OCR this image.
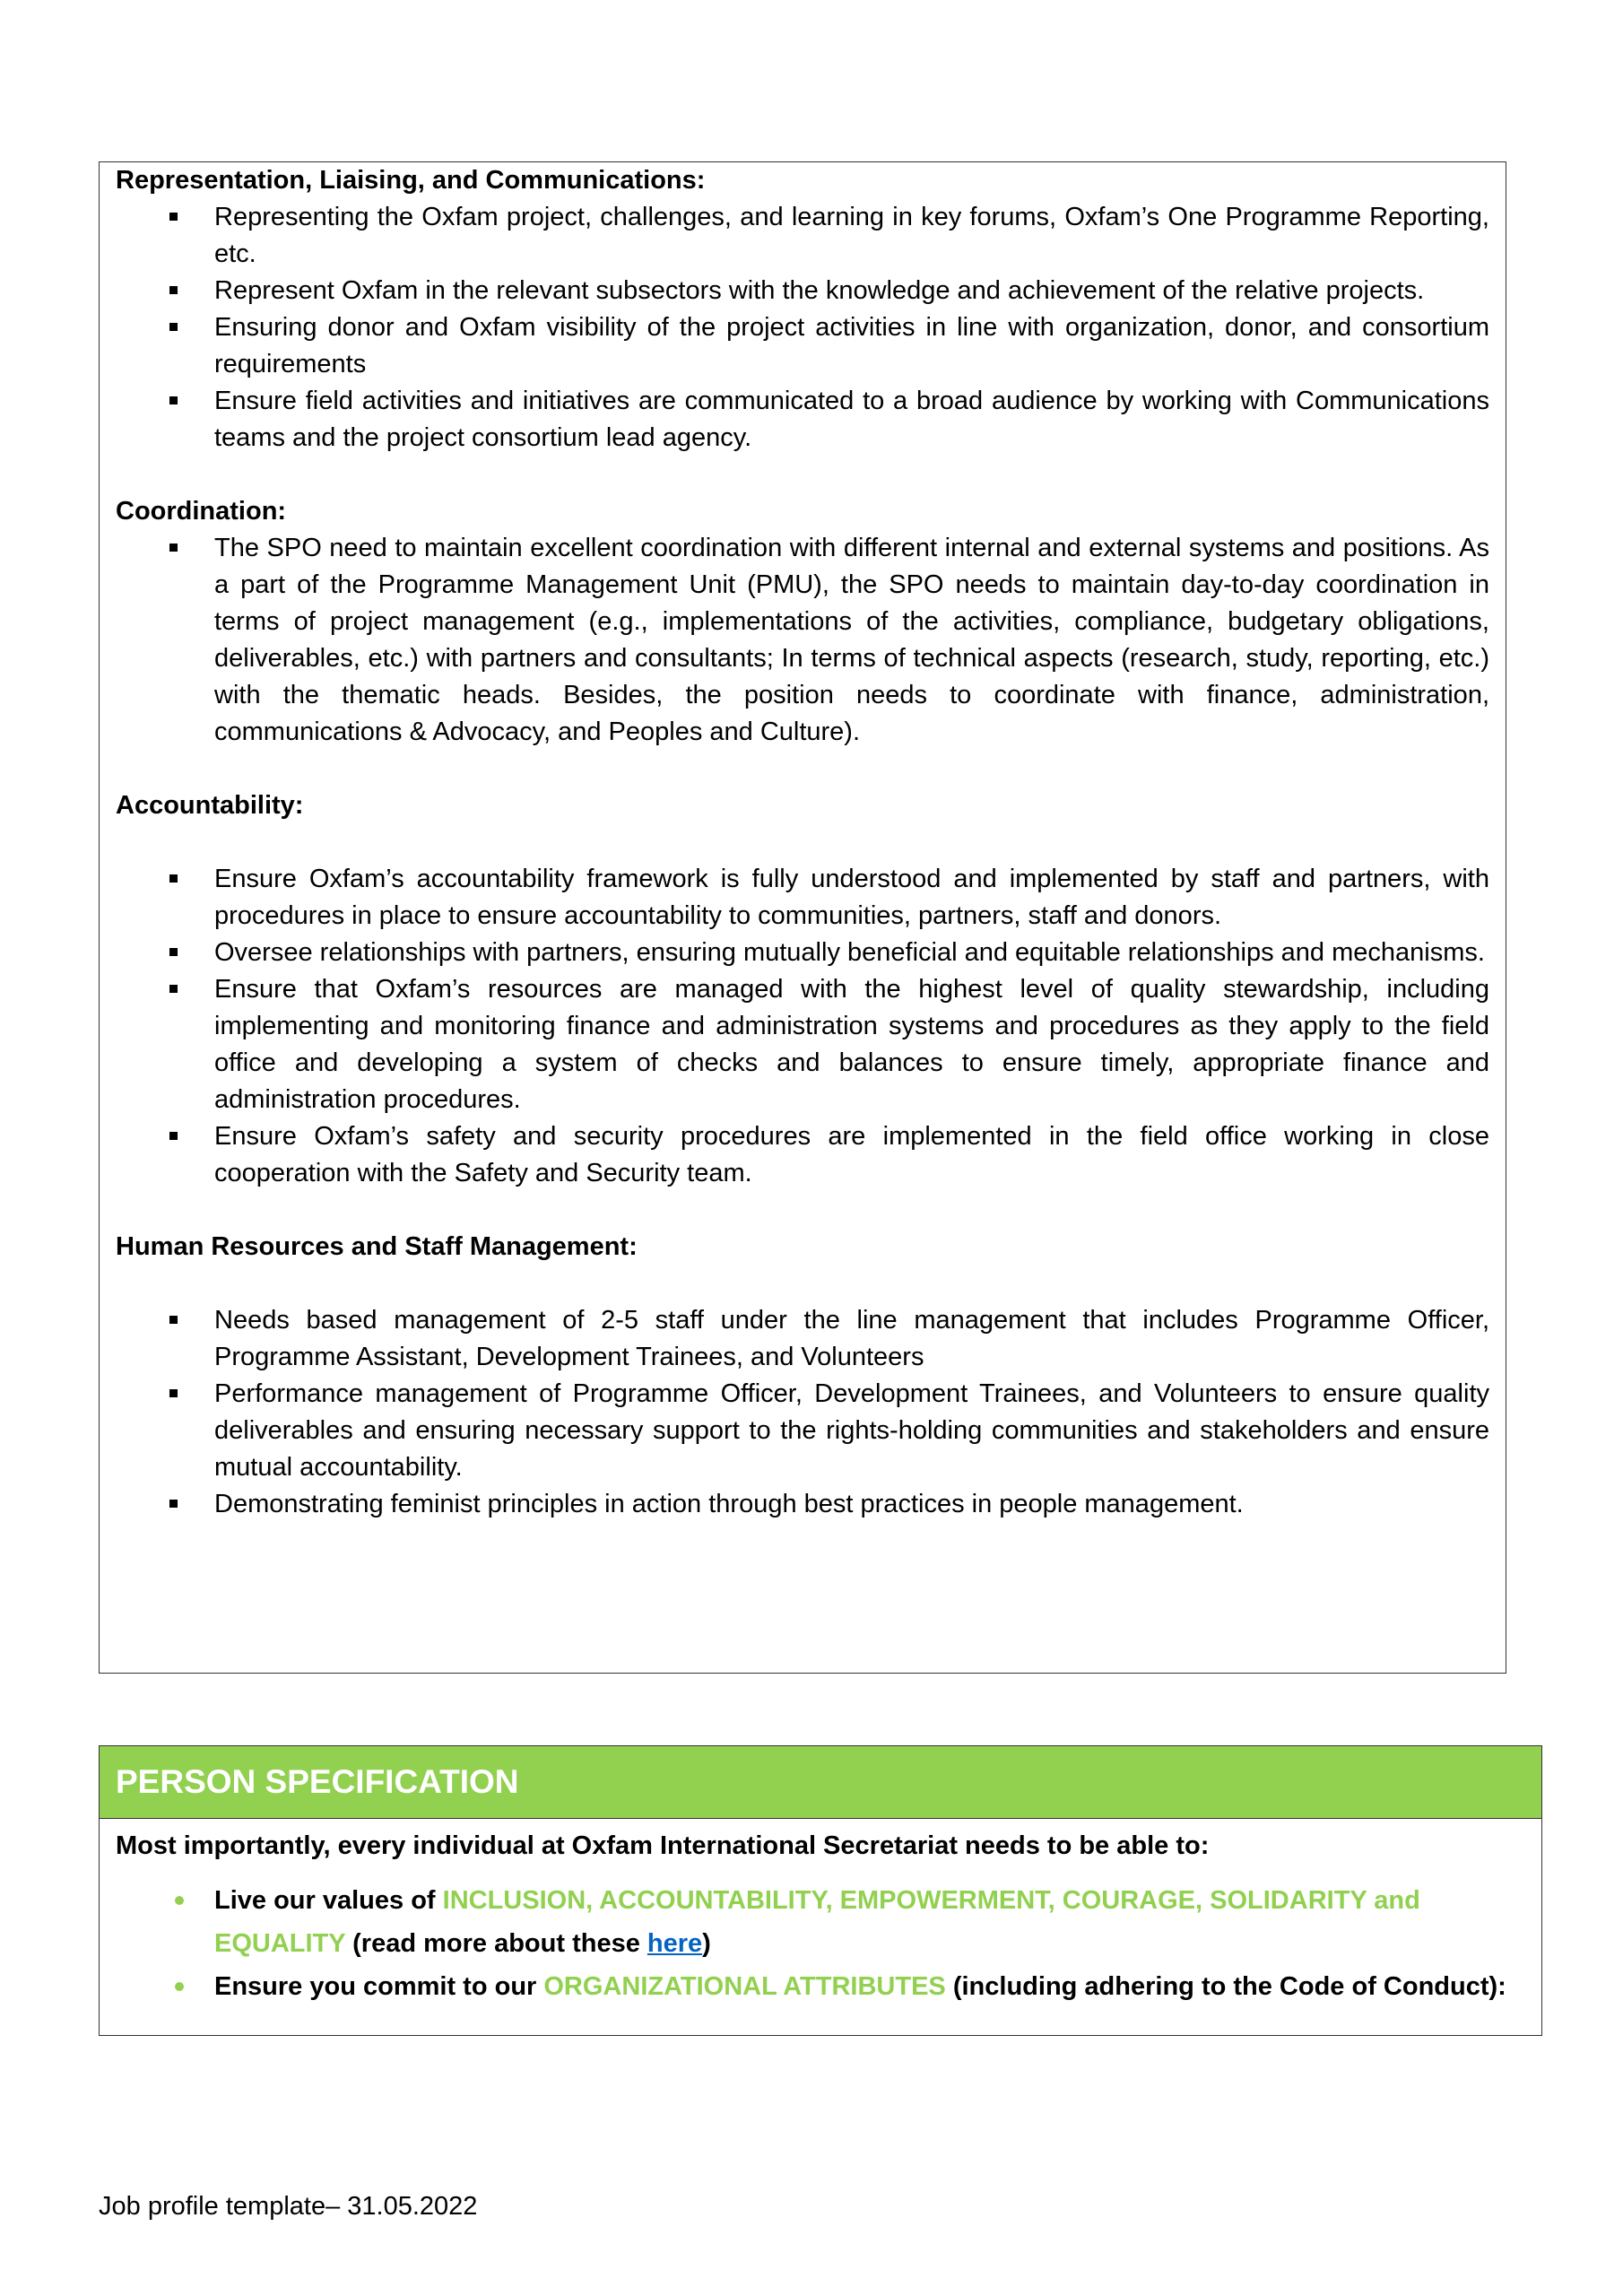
Representation, Liaising, and Communications:

Representing the Oxfam project, challenges, and learning in key forums, Oxfam’s One Programme Reporting, etc.
Represent Oxfam in the relevant subsectors with the knowledge and achievement of the relative projects.
Ensuring donor and Oxfam visibility of the project activities in line with organization, donor, and consortium requirements
Ensure field activities and initiatives are communicated to a broad audience by working with Communications teams and the project consortium lead agency.

Coordination:

The SPO need to maintain excellent coordination with different internal and external systems and positions. As a part of the Programme Management Unit (PMU), the SPO needs to maintain day-to-day coordination in terms of project management (e.g., implementations of the activities, compliance, budgetary obligations, deliverables, etc.) with partners and consultants; In terms of technical aspects (research, study, reporting, etc.) with the thematic heads. Besides, the position needs to coordinate with finance, administration, communications & Advocacy, and Peoples and Culture).

Accountability:

Ensure Oxfam’s accountability framework is fully understood and implemented by staff and partners, with procedures in place to ensure accountability to communities, partners, staff and donors.
Oversee relationships with partners, ensuring mutually beneficial and equitable relationships and mechanisms.
Ensure that Oxfam’s resources are managed with the highest level of quality stewardship, including implementing and monitoring finance and administration systems and procedures as they apply to the field office and developing a system of checks and balances to ensure timely, appropriate finance and administration procedures.
Ensure Oxfam’s safety and security procedures are implemented in the field office working in close cooperation with the Safety and Security team.

Human Resources and Staff Management:

Needs based management of 2-5 staff under the line management that includes Programme Officer, Programme Assistant, Development Trainees, and Volunteers
Performance management of Programme Officer, Development Trainees, and Volunteers to ensure quality deliverables and ensuring necessary support to the rights-holding communities and stakeholders and ensure mutual accountability.
Demonstrating feminist principles in action through best practices in people management.
PERSON SPECIFICATION

Most importantly, every individual at Oxfam International Secretariat needs to be able to:

Live our values of INCLUSION, ACCOUNTABILITY, EMPOWERMENT, COURAGE, SOLIDARITY and EQUALITY (read more about these here)
Ensure you commit to our ORGANIZATIONAL ATTRIBUTES (including adhering to the Code of Conduct):
Job profile template– 31.05.2022
